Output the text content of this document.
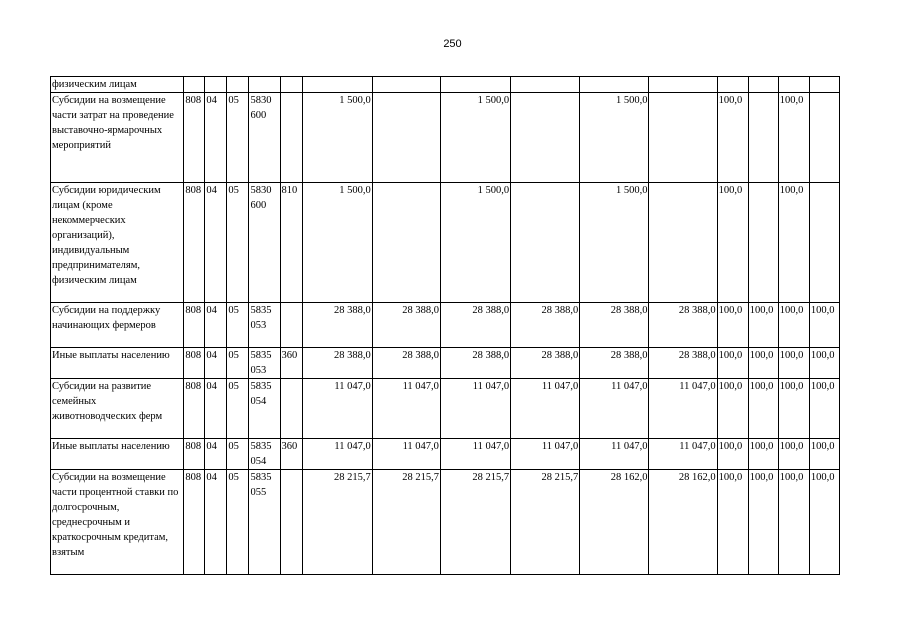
250
физическим лицам															
Субсидии на возмещение части затрат на проведение выставочно-ярмарочных мероприятий	808	04	05	5830 600		1 500,0		1 500,0		1 500,0		100,0		100,0	
Субсидии юридическим лицам (кроме некоммерческих организаций), индивидуальным предпринимателям, физическим лицам	808	04	05	5830 600	810	1 500,0		1 500,0		1 500,0		100,0		100,0	
Субсидии на поддержку начинающих фермеров	808	04	05	5835 053		28 388,0	28 388,0	28 388,0	28 388,0	28 388,0	28 388,0	100,0	100,0	100,0	100,0
Иные выплаты населению	808	04	05	5835 053	360	28 388,0	28 388,0	28 388,0	28 388,0	28 388,0	28 388,0	100,0	100,0	100,0	100,0
Субсидии на развитие семейных животноводческих ферм	808	04	05	5835 054		11 047,0	11 047,0	11 047,0	11 047,0	11 047,0	11 047,0	100,0	100,0	100,0	100,0
Иные выплаты населению	808	04	05	5835 054	360	11 047,0	11 047,0	11 047,0	11 047,0	11 047,0	11 047,0	100,0	100,0	100,0	100,0
Субсидии на возмещение части процентной ставки по долгосрочным, среднесрочным и краткосрочным кредитам, взятым	808	04	05	5835 055		28 215,7	28 215,7	28 215,7	28 215,7	28 162,0	28 162,0	100,0	100,0	100,0	100,0
